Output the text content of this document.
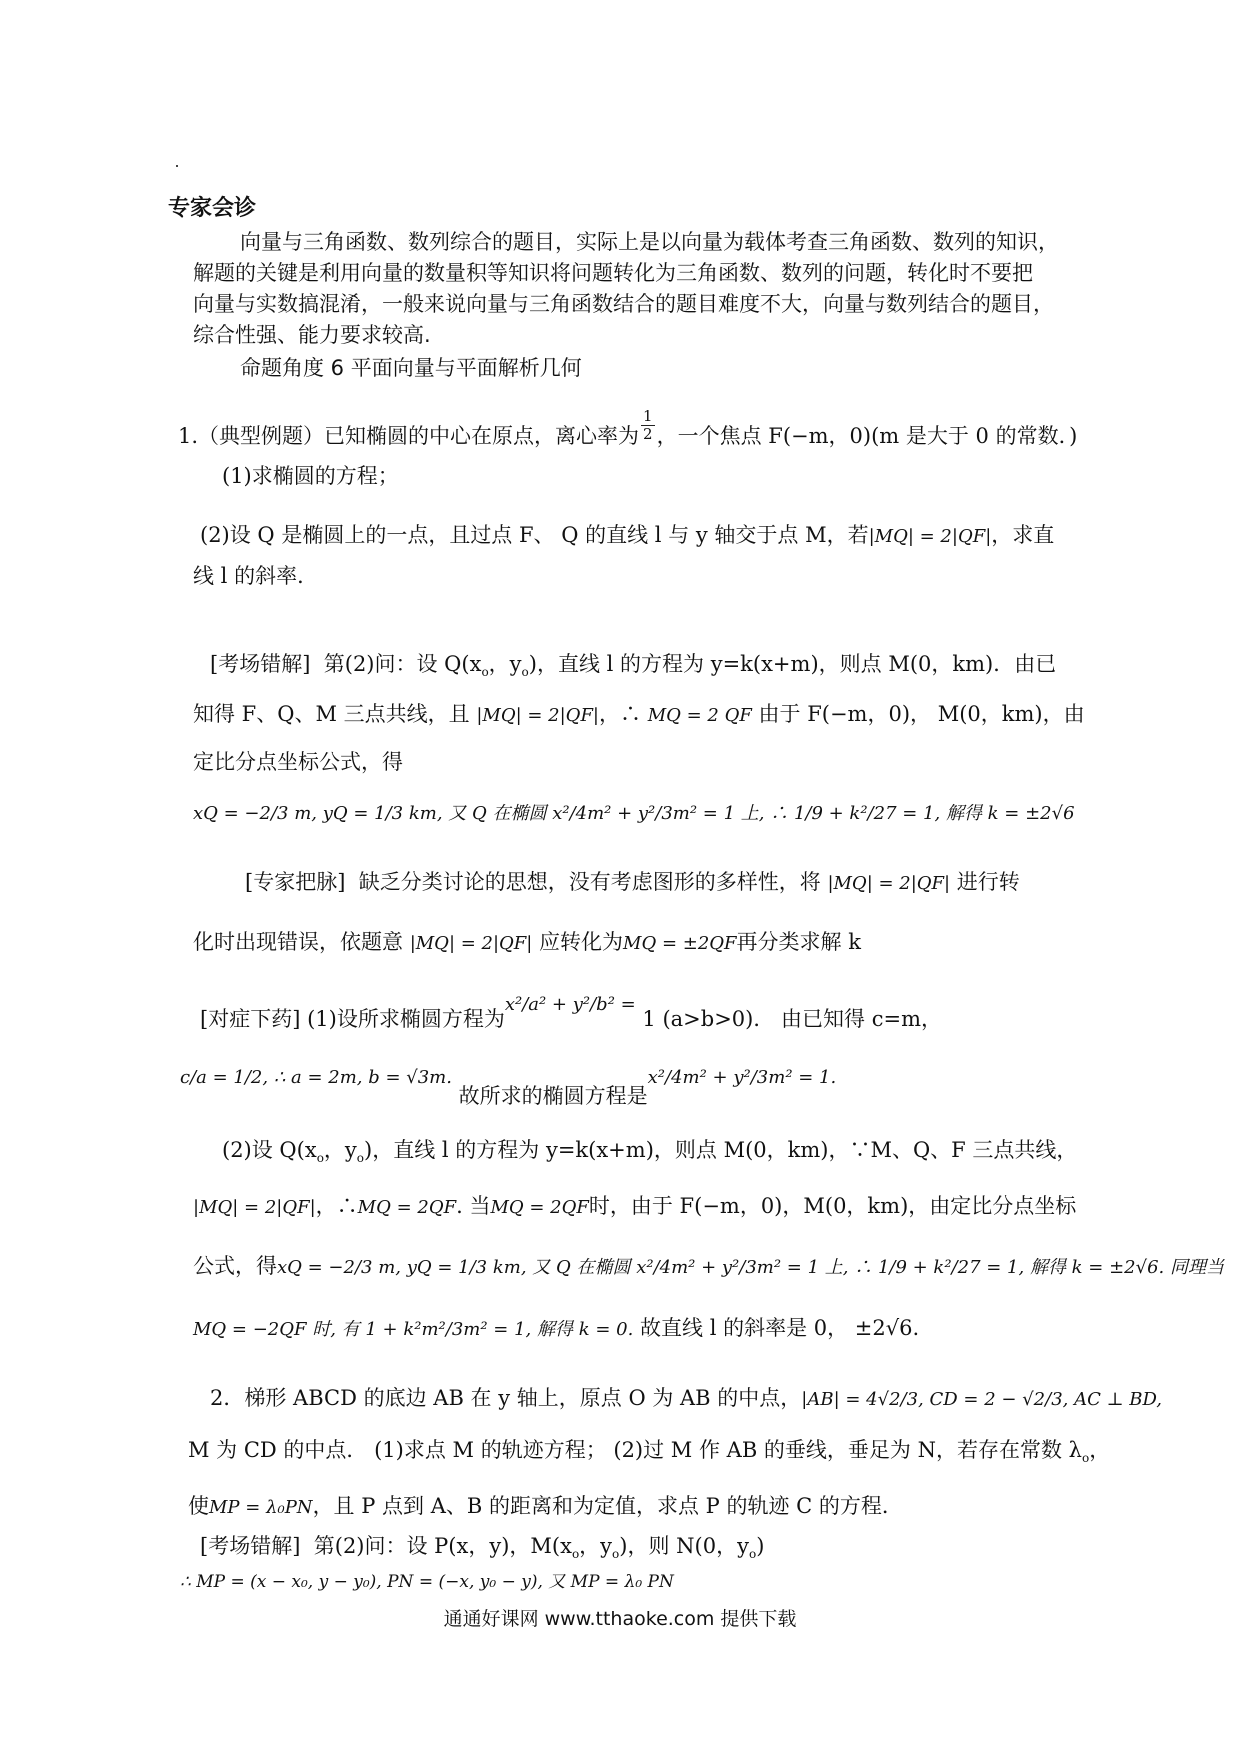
专家会诊
向量与三角函数、数列综合的题目，实际上是以向量为载体考查三角函数、数列的知识，
解题的关键是利用向量的数量积等知识将问题转化为三角函数、数列的问题，转化时不要把
向量与实数搞混淆，一般来说向量与三角函数结合的题目难度不大，向量与数列结合的题目，
综合性强、能力要求较高.
命题角度 6 平面向量与平面解析几何
1.（典型例题）已知椭圆的中心在原点，离心率为 $\frac{1}{2}$ ，一个焦点 F(−m，0)(m 是大于 0 的常数．)
(1)求椭圆的方程；
(2)设 Q 是椭圆上的一点，且过点 F、 Q 的直线 l 与 y 轴交于点 M，若|MQ| = 2|QF|，求直
线 l 的斜率．
[考场错解] 第(2)问：设 $Q(x_o$，$y_o$)，直线 l 的方程为 y=k(x+m)，则点 M(0，km)．由已
知得 F、Q、M 三点共线，且 |MQ| = 2|QF|，∴ MQ = 2 QF 由于 F(−m，0)， M(0，km)，由
定比分点坐标公式，得
xQ = −2/3 m, yQ = 1/3 km, 又 Q 在椭圆 x²/4m² + y²/3m² = 1 上, ∴ 1/9 + k²/27 = 1, 解得 k = ±2√6
[专家把脉] 缺乏分类讨论的思想，没有考虑图形的多样性，将 |MQ| = 2|QF| 进行转
化时出现错误，依题意 |MQ| = 2|QF| 应转化为MQ = ±2QF再分类求解 k
[对症下药] (1)设所求椭圆方程为x²/a² + y²/b² = 1 (a>b>0)． 由已知得 c=m，
c/a = 1/2, ∴ a = 2m, b = √3m. 故所求的椭圆方程是x²/4m² + y²/3m² = 1.
(2)设 $Q(x_o$，$y_o$)，直线 l 的方程为 y=k(x+m)，则点 M(0，km)，∵M、Q、F 三点共线，
|MQ| = 2|QF|，∴MQ = 2QF. 当MQ = 2QF时，由于 F(−m，0)，M(0，km)，由定比分点坐标
公式，得xQ = −2/3 m, yQ = 1/3 km, 又 Q 在椭圆 x²/4m² + y²/3m² = 1 上, ∴ 1/9 + k²/27 = 1, 解得 k = ±2√6. 同理当
MQ = −2QF 时, 有 1 + k²m²/3m² = 1, 解得 k = 0. 故直线 l 的斜率是 0， ±2√6.
2．梯形 ABCD 的底边 AB 在 y 轴上，原点 O 为 AB 的中点，|AB| = 4√2/3, CD = 2 − √2/3, AC ⊥ BD,
M 为 CD 的中点． (1)求点 M 的轨迹方程； (2)过 M 作 AB 的垂线，垂足为 N，若存在常数 $\lambda_o$，
使MP = λ₀PN，且 P 点到 A、B 的距离和为定值，求点 P 的轨迹 C 的方程．
[考场错解] 第(2)问：设 P(x，y)，$M(x_o$，$y_o$)，则 N(0，$y_o$)
∴ MP = (x − x₀, y − y₀), PN = (−x, y₀ − y), 又 MP = λ₀ PN
通通好课网 www.tthaoke.com 提供下载
